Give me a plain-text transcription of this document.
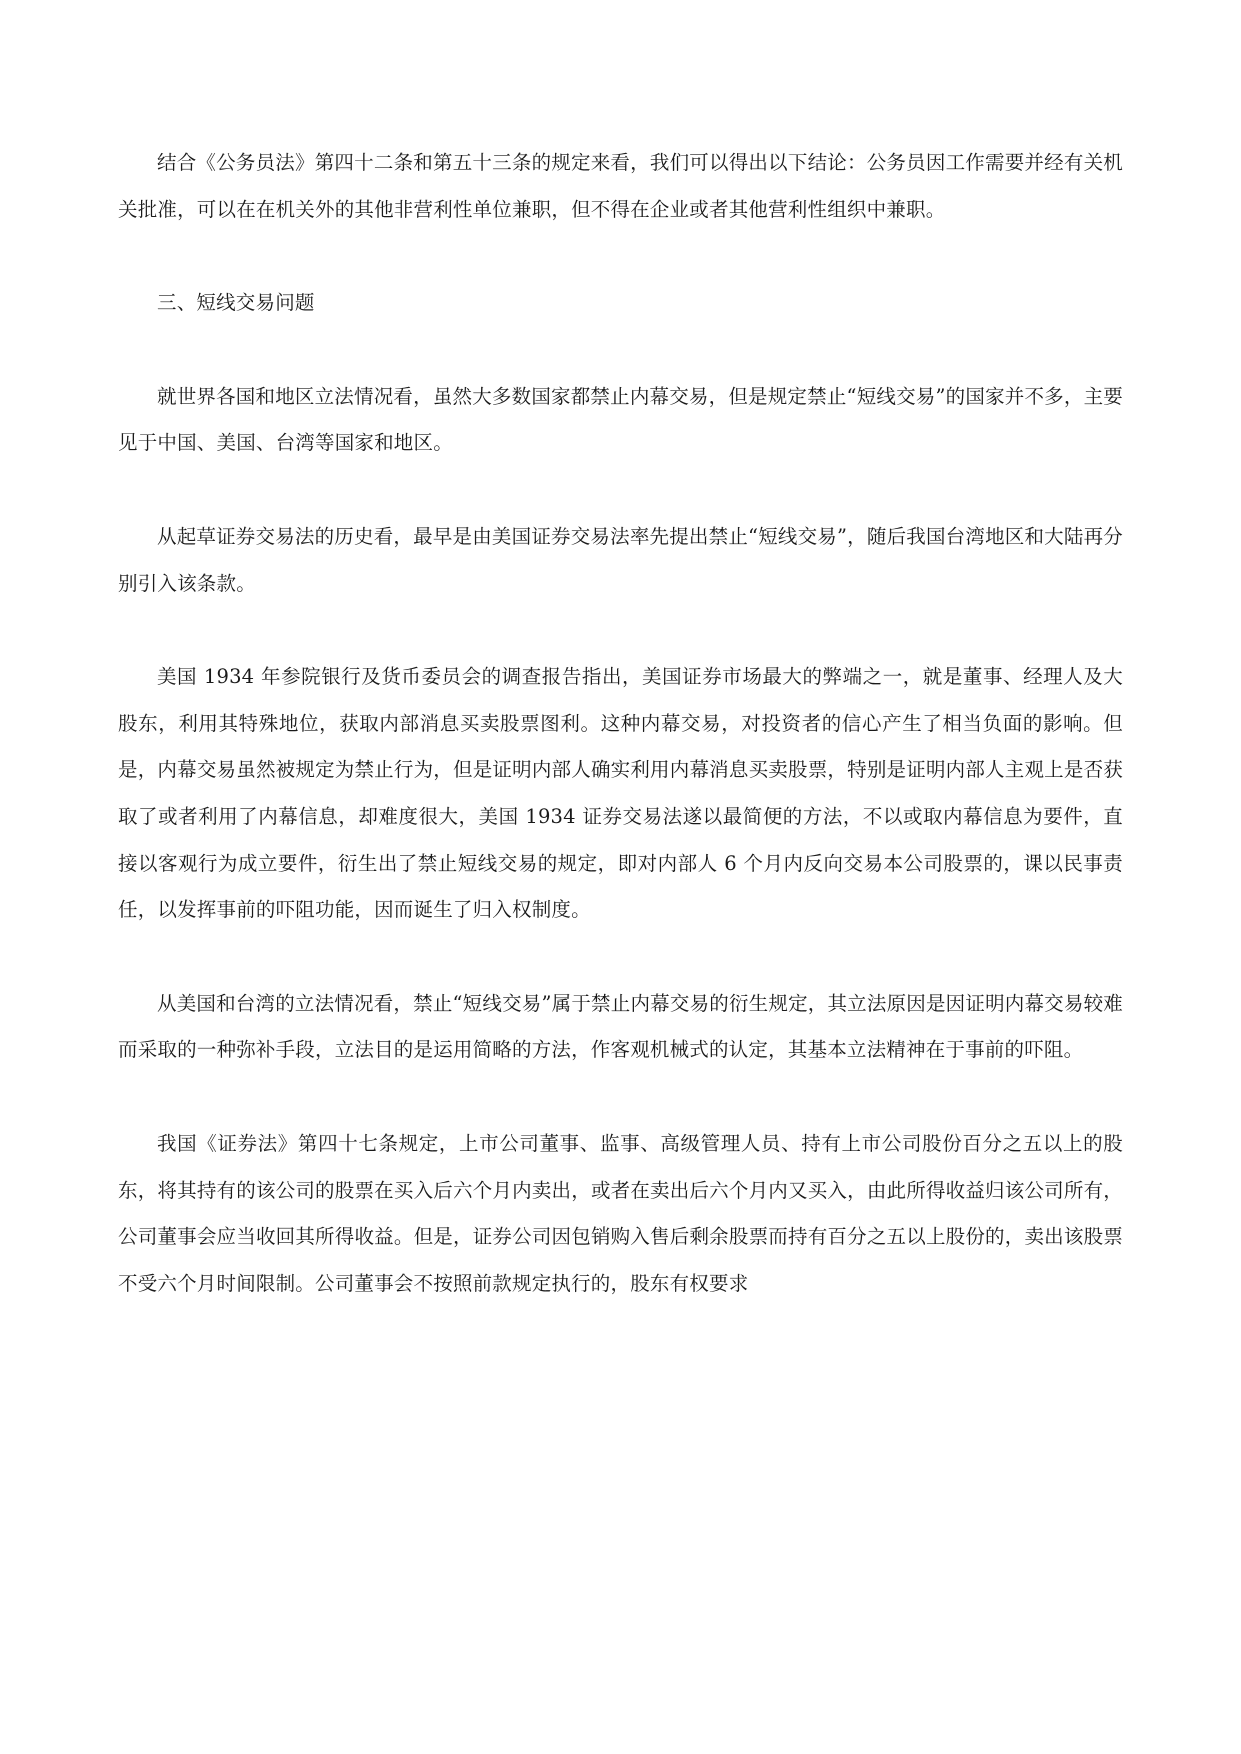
结合《公务员法》第四十二条和第五十三条的规定来看，我们可以得出以下结论：公务员因工作需要并经有关机关批准，可以在在机关外的其他非营利性单位兼职，但不得在企业或者其他营利性组织中兼职。

三、短线交易问题

就世界各国和地区立法情况看，虽然大多数国家都禁止内幕交易，但是规定禁止“短线交易”的国家并不多，主要见于中国、美国、台湾等国家和地区。

从起草证券交易法的历史看，最早是由美国证券交易法率先提出禁止“短线交易”，随后我国台湾地区和大陆再分别引入该条款。

美国 1934 年参院银行及货币委员会的调查报告指出，美国证券市场最大的弊端之一，就是董事、经理人及大股东，利用其特殊地位，获取内部消息买卖股票图利。这种内幕交易，对投资者的信心产生了相当负面的影响。但是，内幕交易虽然被规定为禁止行为，但是证明内部人确实利用内幕消息买卖股票，特别是证明内部人主观上是否获取了或者利用了内幕信息，却难度很大，美国 1934 证券交易法遂以最简便的方法，不以或取内幕信息为要件，直接以客观行为成立要件，衍生出了禁止短线交易的规定，即对内部人 6 个月内反向交易本公司股票的，课以民事责任，以发挥事前的吓阻功能，因而诞生了归入权制度。

从美国和台湾的立法情况看，禁止“短线交易”属于禁止内幕交易的衍生规定，其立法原因是因证明内幕交易较难而采取的一种弥补手段，立法目的是运用简略的方法，作客观机械式的认定，其基本立法精神在于事前的吓阻。

我国《证券法》第四十七条规定，上市公司董事、监事、高级管理人员、持有上市公司股份百分之五以上的股东，将其持有的该公司的股票在买入后六个月内卖出，或者在卖出后六个月内又买入，由此所得收益归该公司所有，公司董事会应当收回其所得收益。但是，证券公司因包销购入售后剩余股票而持有百分之五以上股份的，卖出该股票不受六个月时间限制。公司董事会不按照前款规定执行的，股东有权要求
